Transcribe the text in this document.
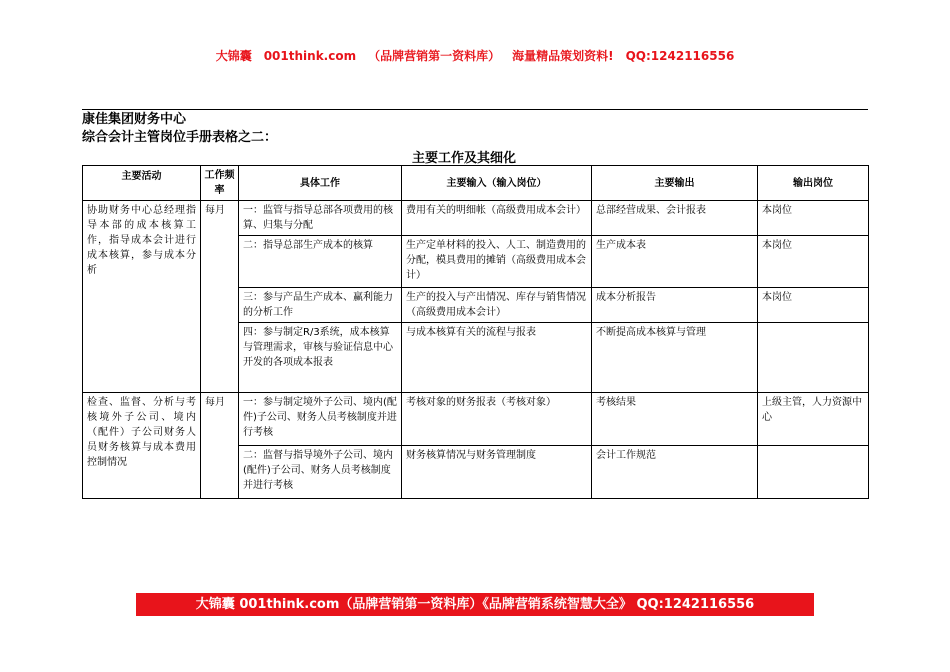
大锦囊 001think.com （品牌营销第一资料库） 海量精品策划资料! QQ:1242116556
康佳集团财务中心
综合会计主管岗位手册表格之二：
主要工作及其细化
主要活动	工作频率	具体工作	主要输入（输入岗位）	主要输出	输出岗位
协助财务中心总经理指导本部的成本核算工作，指导成本会计进行成本核算，参与成本分析	每月	一：监管与指导总部各项费用的核算、归集与分配	费用有关的明细帐（高级费用成本会计）	总部经营成果、会计报表	本岗位
		二：指导总部生产成本的核算	生产定单材料的投入、人工、制造费用的分配，模具费用的摊销（高级费用成本会计）	生产成本表	本岗位
		三：参与产品生产成本、赢利能力的分析工作	生产的投入与产出情况、库存与销售情况（高级费用成本会计）	成本分析报告	本岗位
		四：参与制定R/3系统，成本核算与管理需求，审核与验证信息中心开发的各项成本报表	与成本核算有关的流程与报表	不断提高成本核算与管理	
检查、监督、分析与考核境外子公司、境内（配件）子公司财务人员财务核算与成本费用控制情况	每月	一：参与制定境外子公司、境内(配件)子公司、财务人员考核制度并进行考核	考核对象的财务报表（考核对象）	考核结果	上级主管，人力资源中心
		二：监督与指导境外子公司、境内(配件)子公司、财务人员考核制度并进行考核	财务核算情况与财务管理制度	会计工作规范	
大锦囊 001think.com（品牌营销第一资料库）《品牌营销系统智慧大全》 QQ:1242116556
